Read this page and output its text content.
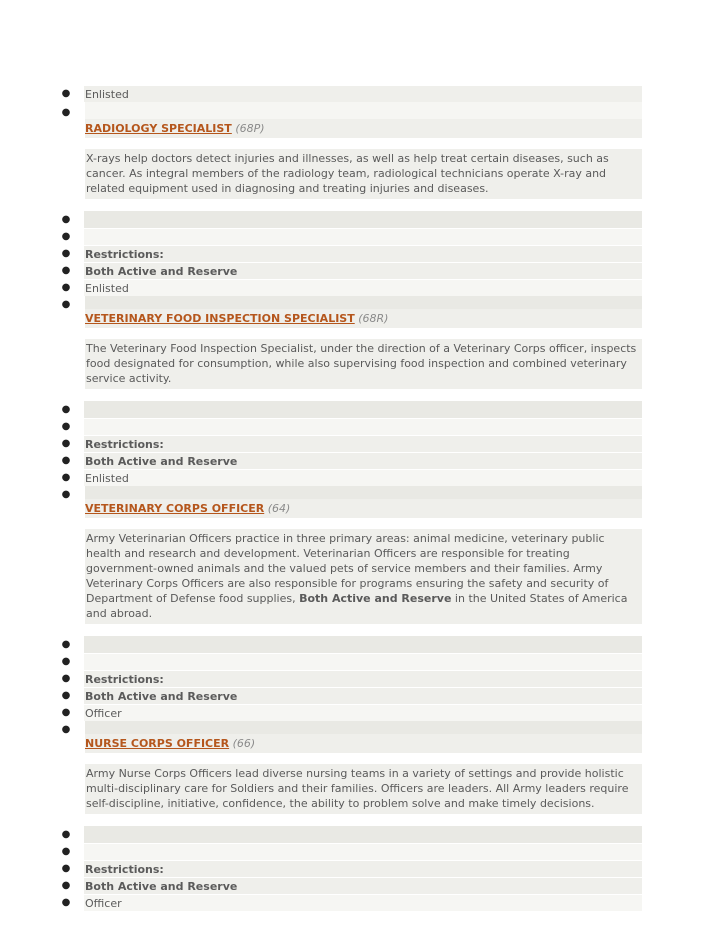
● Enlisted
●
RADIOLOGY SPECIALIST (68P)
X-rays help doctors detect injuries and illnesses, as well as help treat certain diseases, such as cancer. As integral members of the radiology team, radiological technicians operate X-ray and related equipment used in diagnosing and treating injuries and diseases.
●
●
● Restrictions:
● Both Active and Reserve
● Enlisted
●
VETERINARY FOOD INSPECTION SPECIALIST (68R)
The Veterinary Food Inspection Specialist, under the direction of a Veterinary Corps officer, inspects food designated for consumption, while also supervising food inspection and combined veterinary service activity.
●
●
● Restrictions:
● Both Active and Reserve
● Enlisted
●
VETERINARY CORPS OFFICER (64)
Army Veterinarian Officers practice in three primary areas: animal medicine, veterinary public health and research and development. Veterinarian Officers are responsible for treating government-owned animals and the valued pets of service members and their families. Army Veterinary Corps Officers are also responsible for programs ensuring the safety and security of Department of Defense food supplies, Both Active and Reserve in the United States of America and abroad.
●
●
● Restrictions:
● Both Active and Reserve
● Officer
●
NURSE CORPS OFFICER (66)
Army Nurse Corps Officers lead diverse nursing teams in a variety of settings and provide holistic multi-disciplinary care for Soldiers and their families. Officers are leaders. All Army leaders require self-discipline, initiative, confidence, the ability to problem solve and make timely decisions.
●
●
● Restrictions:
● Both Active and Reserve
● Officer
